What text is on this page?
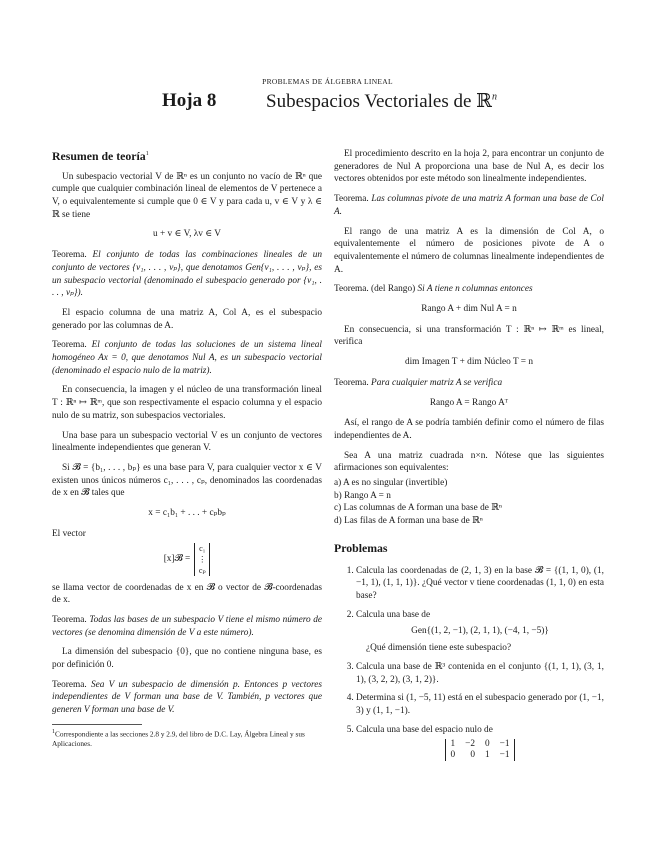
PROBLEMAS DE ÁLGEBRA LINEAL
Hoja 8	Subespacios Vectoriales de ℝ$^n$
Resumen de teoría$^1$

Un subespacio vectorial V de ℝⁿ es un conjunto no vacío de ℝⁿ que cumple que cualquier combinación lineal de elementos de V pertenece a V, o equivalentemente si cumple que 0 ∈ V y para cada u, v ∈ V y λ ∈ ℝ se tiene

u + v ∈ V, λv ∈ V

Teorema. El conjunto de todas las combinaciones lineales de un conjunto de vectores {v₁, . . . , vₚ}, que denotamos Gen{v₁, . . . , vₚ}, es un subespacio vectorial (denominado el subespacio generado por {v₁, . . . , vₚ}).

El espacio columna de una matriz A, Col A, es el subespacio generado por las columnas de A.

Teorema. El conjunto de todas las soluciones de un sistema lineal homogéneo Ax = 0, que denotamos Nul A, es un subespacio vectorial (denominado el espacio nulo de la matriz).

En consecuencia, la imagen y el núcleo de una transformación lineal T : ℝⁿ ↦ ℝᵐ, que son respectivamente el espacio columna y el espacio nulo de su matriz, son subespacios vectoriales.

Una base para un subespacio vectorial V es un conjunto de vectores linealmente independientes que generan V.

Si 𝓑 = {b₁, . . . , bₚ} es una base para V, para cualquier vector x ∈ V existen unos únicos números c₁, . . . , cₚ, denominados las coordenadas de x en 𝓑 tales que

x = c₁b₁ + . . . + cₚbₚ

El vector

[x]𝓑 =
c₁
⋮
cₚ

se llama vector de coordenadas de x en 𝓑 o vector de 𝓑-coordenadas de x.

Teorema. Todas las bases de un subespacio V tiene el mismo número de vectores (se denomina dimensión de V a este número).

La dimensión del subespacio {0}, que no contiene ninguna base, es por definición 0.

Teorema. Sea V un subespacio de dimensión p. Entonces p vectores independientes de V forman una base de V. También, p vectores que generen V forman una base de V.

$^1$Correspondiente a las secciones 2.8 y 2.9, del libro de D.C. Lay, Álgebra Lineal y sus Aplicaciones.

El procedimiento descrito en la hoja 2, para encontrar un conjunto de generadores de Nul A proporciona una base de Nul A, es decir los vectores obtenidos por este método son linealmente independientes.

Teorema. Las columnas pivote de una matriz A forman una base de Col A.

El rango de una matriz A es la dimensión de Col A, o equivalentemente el número de posiciones pivote de A o equivalentemente el número de columnas linealmente independientes de A.

Teorema. (del Rango) Si A tiene n columnas entonces

Rango A + dim Nul A = n

En consecuencia, si una transformación T : ℝⁿ ↦ ℝᵐ es lineal, verifica

dim Imagen T + dim Núcleo T = n

Teorema. Para cualquier matriz A se verifica

Rango A = Rango Aᵀ

Así, el rango de A se podría también definir como el número de filas independientes de A.

Sea A una matriz cuadrada n×n. Nótese que las siguientes afirmaciones son equivalentes:

a) A es no singular (invertible)
b) Rango A = n
c) Las columnas de A forman una base de ℝⁿ
d) Las filas de A forman una base de ℝⁿ
Problemas
1. Calcula las coordenadas de (2, 1, 3) en la base 𝓑 = {(1, 1, 0), (1, −1, 1), (1, 1, 1)}. ¿Qué vector v tiene coordenadas (1, 1, 0) en esta base?
2. Calcula una base de
Gen{(1, 2, −1), (2, 1, 1), (−4, 1, −5)}
¿Qué dimensión tiene este subespacio?
3. Calcula una base de ℝ³ contenida en el conjunto {(1, 1, 1), (3, 1, 1), (3, 2, 2), (3, 1, 2)}.
4. Determina si (1, −5, 11) está en el subespacio generado por (1, −1, 3) y (1, 1, −1).
5. Calcula una base del espacio nulo de
1 −2 0 −1
0	0 1 −1
